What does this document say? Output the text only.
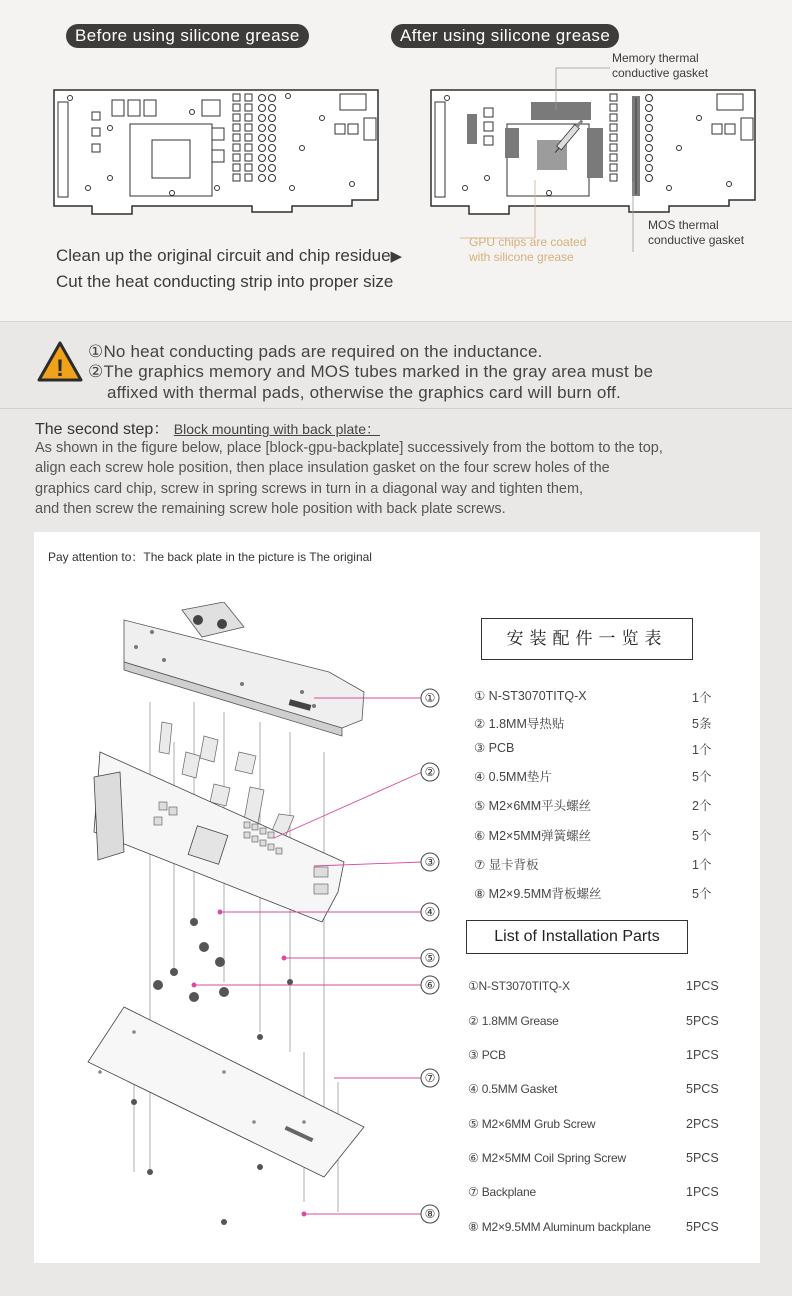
Before using silicone grease	After using silicone grease
Memory thermal conductive gasket
MOS thermal conductive gasket
GPU chips are coated with silicone grease
Clean up the original circuit and chip residue▶
Cut the heat conducting strip into proper size
!
①No heat conducting pads are required on the inductance.
②The graphics memory and MOS tubes marked in the gray area must be
affixed with thermal pads, otherwise the graphics card will burn off.
The second step： Block mounting with back plate：
As shown in the figure below, place [block-gpu-backplate] successively from the bottom to the top,
align each screw hole position, then place insulation gasket on the four screw holes of the
graphics card chip, screw in spring screws in turn in a diagonal way and tighten them,
and then screw the remaining screw hole position with back plate screws.
Pay attention to：The back plate in the picture is The original
①
②
③
④
⑤
⑥
⑦
⑧
安装配件一览表
① N-ST3070TITQ-X	1个
② 1.8MM导热贴	5条
③ PCB	1个
④ 0.5MM垫片	5个
⑤ M2×6MM平头螺丝	2个
⑥ M2×5MM弹簧螺丝	5个
⑦ 显卡背板	1个
⑧ M2×9.5MM背板螺丝	5个
List of Installation Parts
①N-ST3070TITQ-X	1PCS
② 1.8MM Grease	5PCS
③ PCB	1PCS
④ 0.5MM Gasket	5PCS
⑤ M2×6MM Grub Screw	2PCS
⑥ M2×5MM Coil Spring Screw	5PCS
⑦ Backplane	1PCS
⑧ M2×9.5MM Aluminum backplane	5PCS
